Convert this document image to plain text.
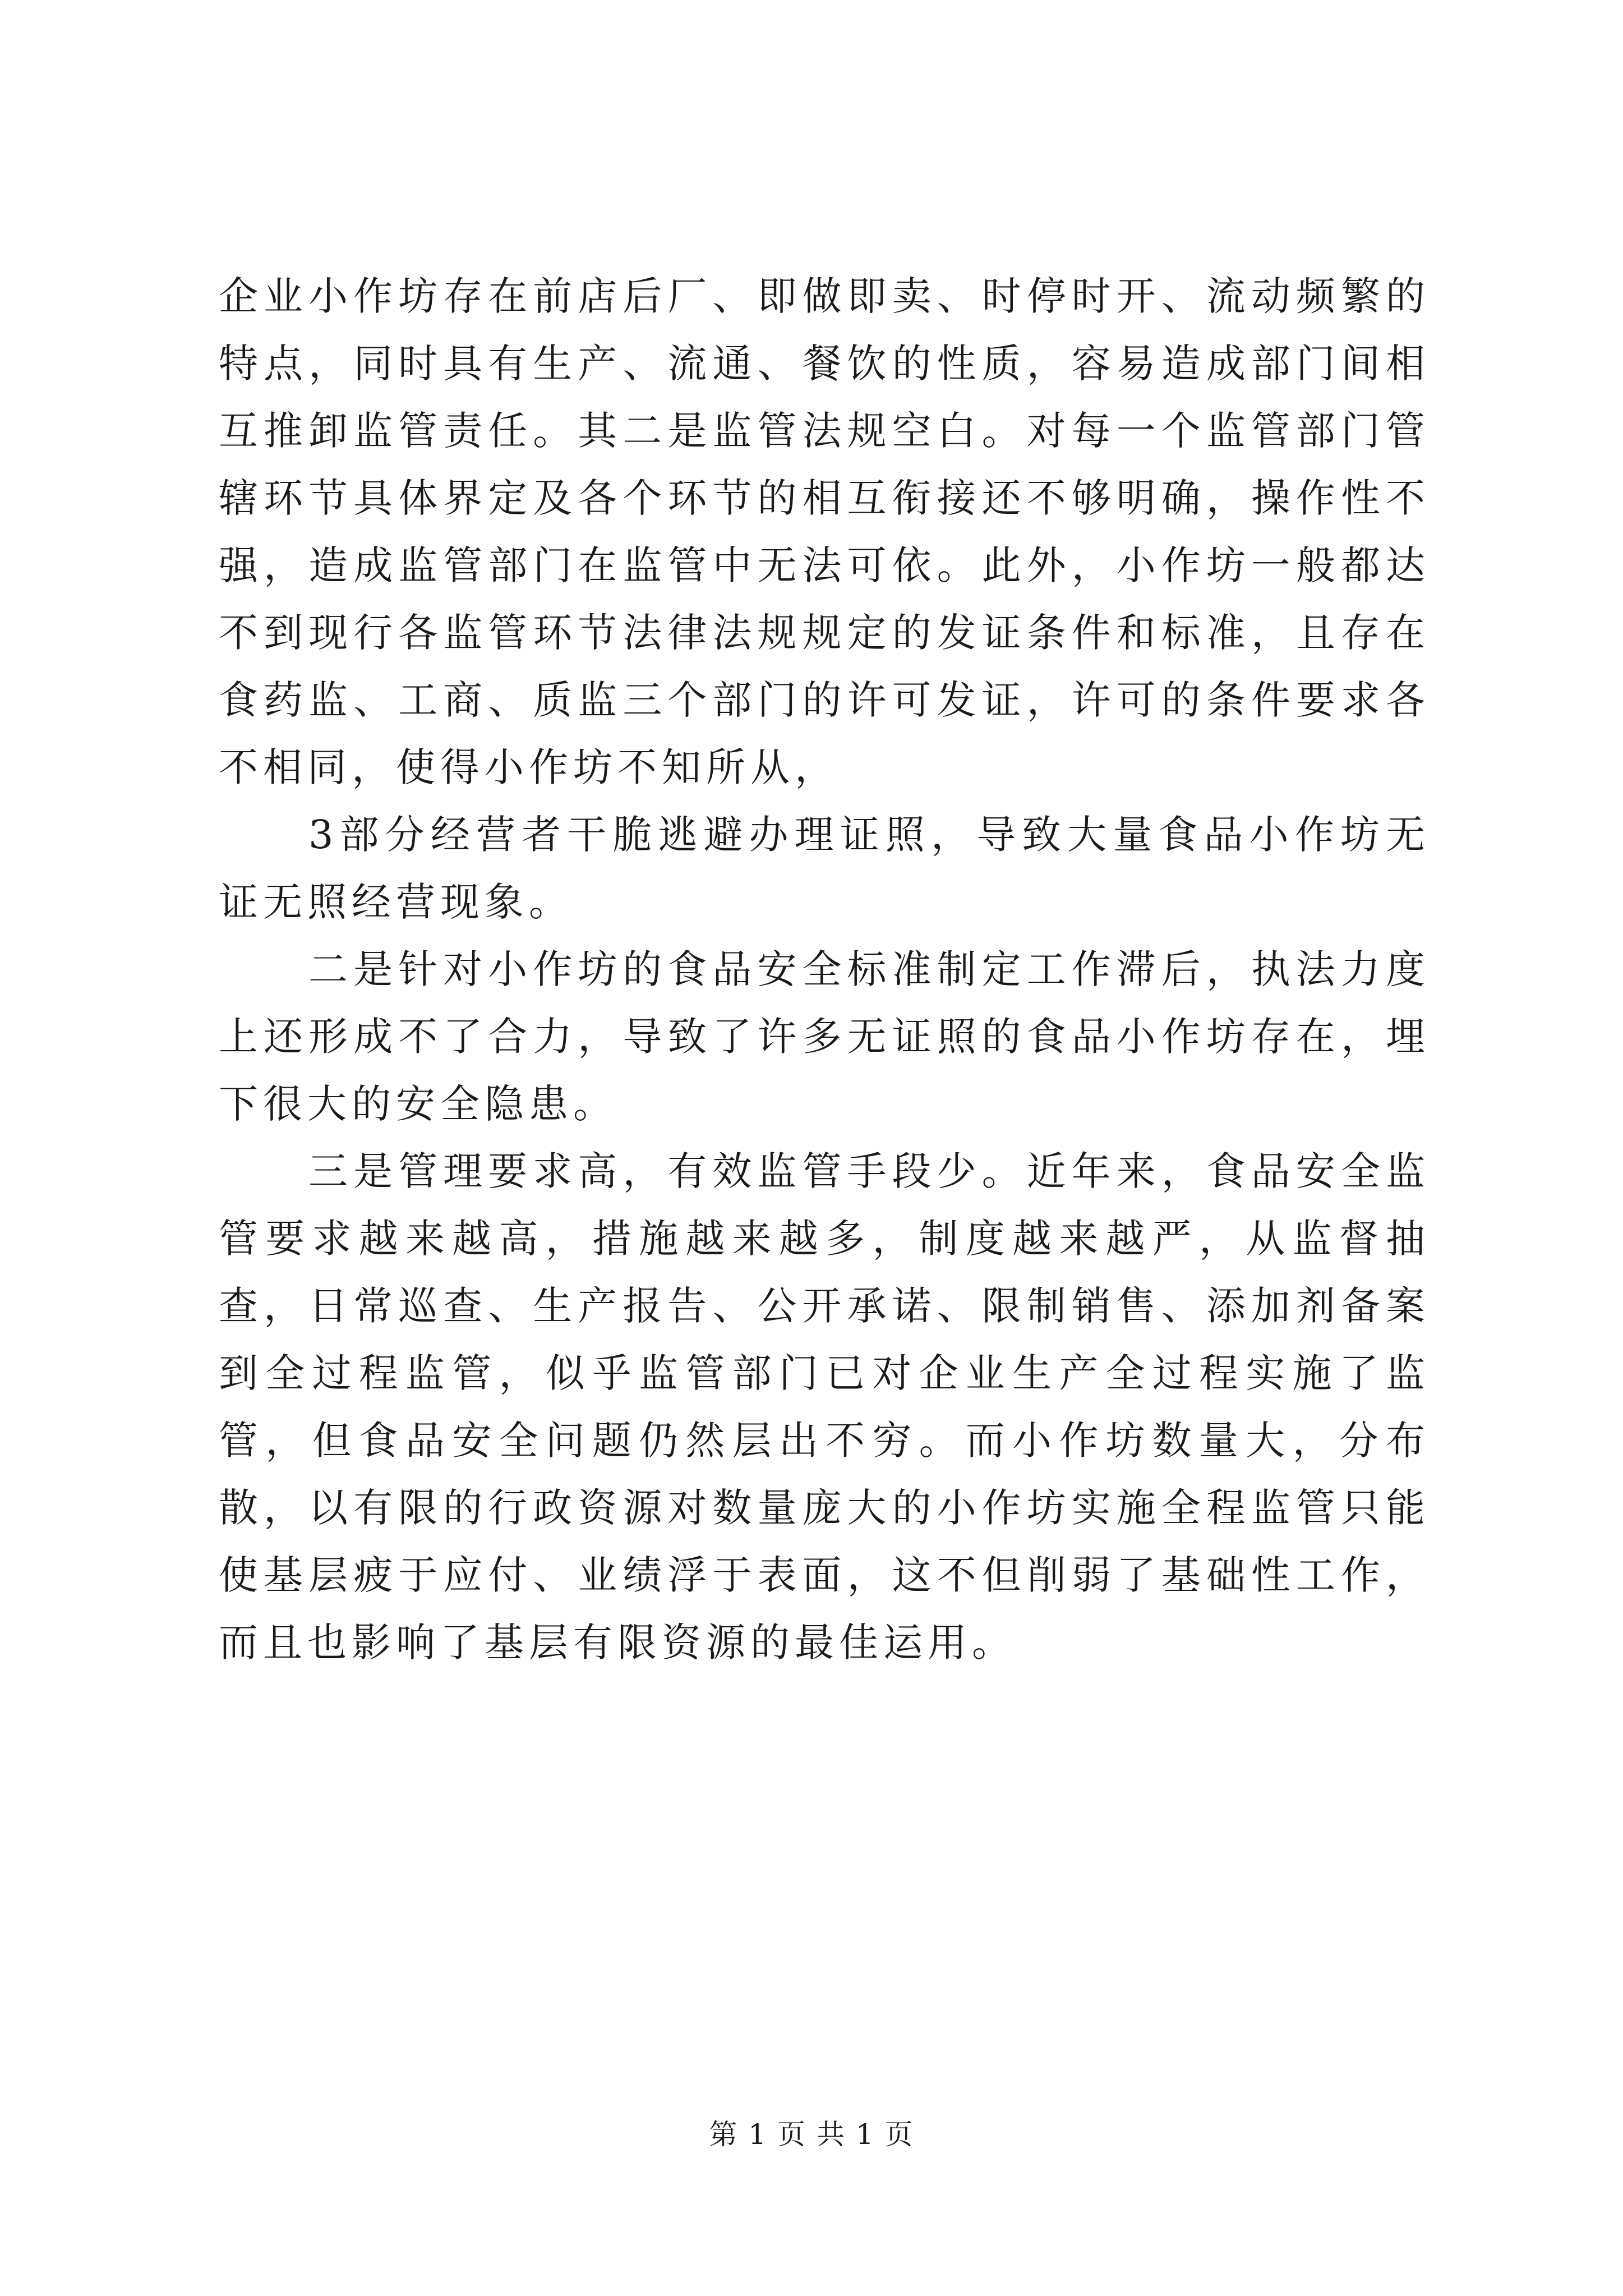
企业小作坊存在前店后厂、即做即卖、时停时开、流动频繁的特点，同时具有生产、流通、餐饮的性质，容易造成部门间相互推卸监管责任。其二是监管法规空白。对每一个监管部门管辖环节具体界定及各个环节的相互衔接还不够明确，操作性不强，造成监管部门在监管中无法可依。此外，小作坊一般都达不到现行各监管环节法律法规规定的发证条件和标准，且存在食药监、工商、质监三个部门的许可发证，许可的条件要求各不相同，使得小作坊不知所从，

3部分经营者干脆逃避办理证照，导致大量食品小作坊无证无照经营现象。

二是针对小作坊的食品安全标准制定工作滞后，执法力度上还形成不了合力，导致了许多无证照的食品小作坊存在，埋下很大的安全隐患。

三是管理要求高，有效监管手段少。近年来，食品安全监管要求越来越高，措施越来越多，制度越来越严，从监督抽查，日常巡查、生产报告、公开承诺、限制销售、添加剂备案到全过程监管，似乎监管部门已对企业生产全过程实施了监管，但食品安全问题仍然层出不穷。而小作坊数量大，分布散，以有限的行政资源对数量庞大的小作坊实施全程监管只能使基层疲于应付、业绩浮于表面，这不但削弱了基础性工作，而且也影响了基层有限资源的最佳运用。

第 1 页 共 1 页
